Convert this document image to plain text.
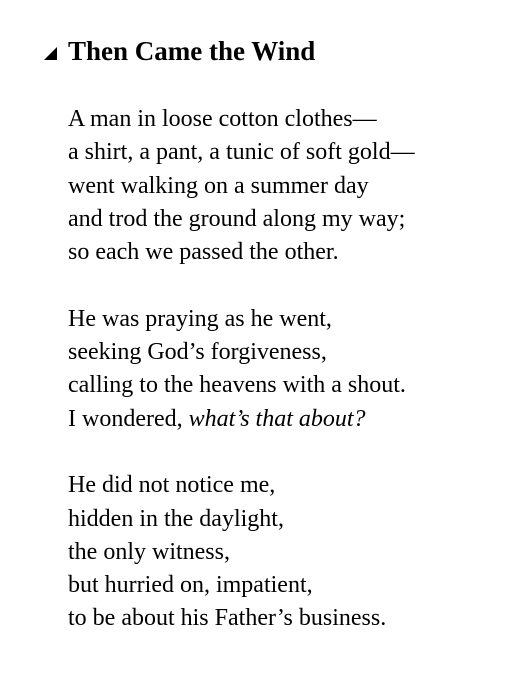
Then Came the Wind
A man in loose cotton clothes—
a shirt, a pant, a tunic of soft gold—
went walking on a summer day
and trod the ground along my way;
so each we passed the other.
He was praying as he went,
seeking God’s forgiveness,
calling to the heavens with a shout.
I wondered, what’s that about?
He did not notice me,
hidden in the daylight,
the only witness,
but hurried on, impatient,
to be about his Father’s business.
